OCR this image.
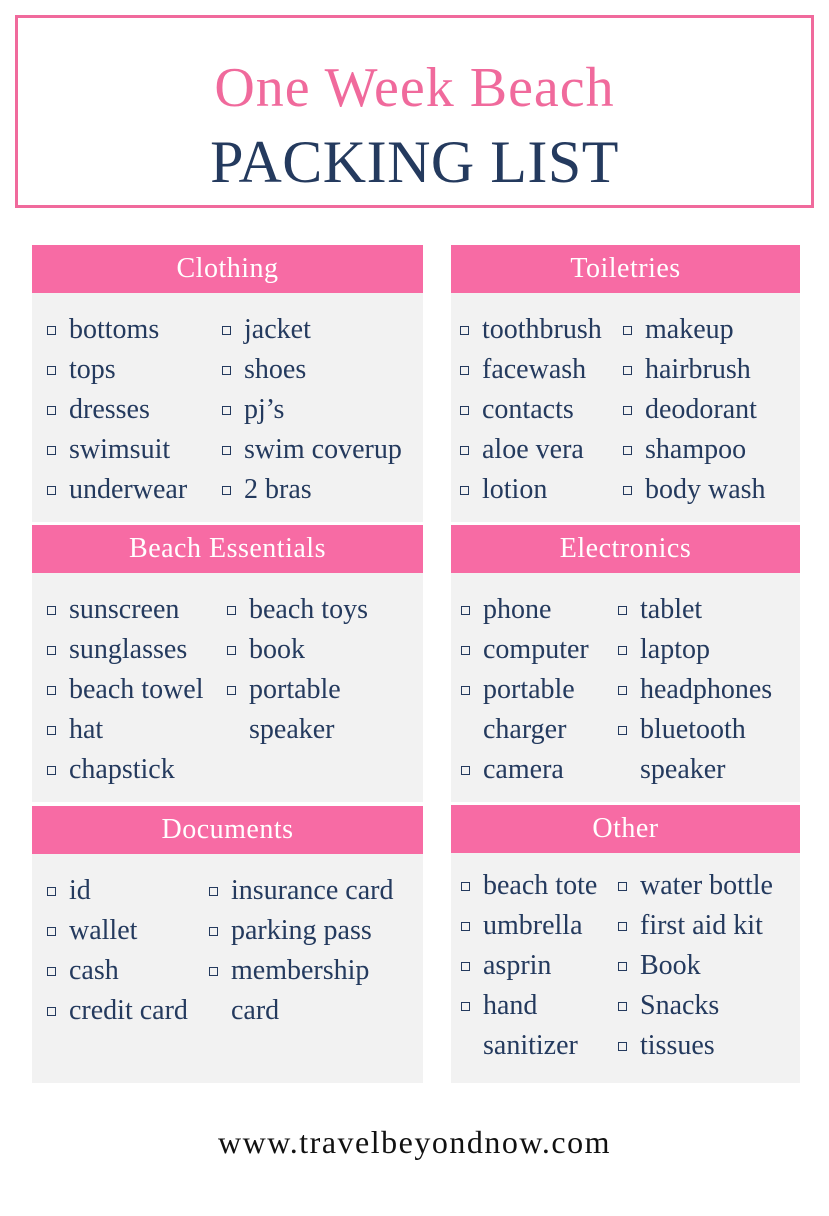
One Week Beach
PACKING LIST
Clothing
bottoms
tops
dresses
swimsuit
underwear
jacket
shoes
pj’s
swim coverup
2 bras
Toiletries
toothbrush
facewash
contacts
aloe vera
lotion
makeup
hairbrush
deodorant
shampoo
body wash
Beach Essentials
sunscreen
sunglasses
beach towel
hat
chapstick
beach toys
book
portable
speaker
Electronics
phone
computer
portable
charger
camera
tablet
laptop
headphones
bluetooth
speaker
Documents
id
wallet
cash
credit card
insurance card
parking pass
membership
card
Other
beach tote
umbrella
asprin
hand
sanitizer
water bottle
first aid kit
Book
Snacks
tissues
www.travelbeyondnow.com
